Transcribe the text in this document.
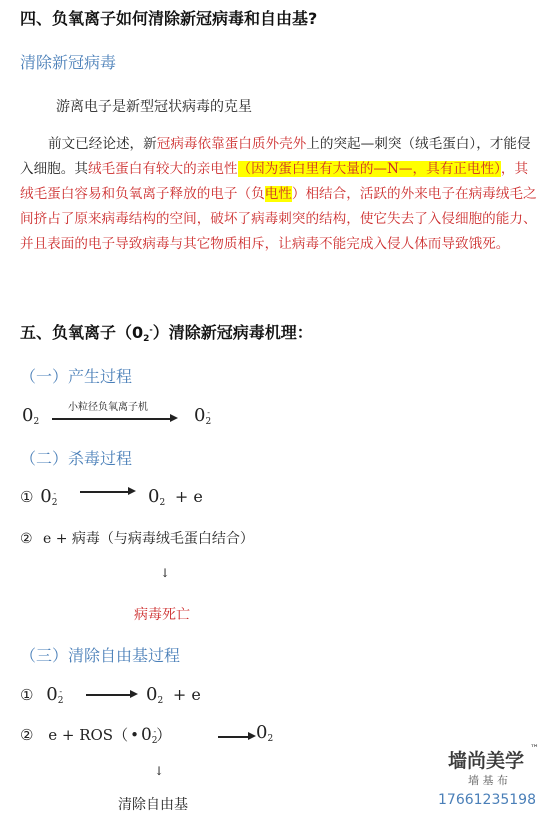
四、负氧离子如何清除新冠病毒和自由基?
清除新冠病毒
游离电子是新型冠状病毒的克星
前文已经论述，新冠病毒依靠蛋白质外壳外上的突起—刺突（绒毛蛋白），才能侵入细胞。其绒毛蛋白有较大的亲电性（因为蛋白里有大量的—N—，具有正电性），其绒毛蛋白容易和负氧离子释放的电子（负电性）相结合，活跃的外来电子在病毒绒毛之间挤占了原来病毒结构的空间，破坏了病毒刺突的结构，使它失去了入侵细胞的能力、并且表面的电子导致病毒与其它物质相斥，让病毒不能完成入侵人体而导致饿死。
五、负氧离子$(0_2^-)$清除新冠病毒机理：
（一）产生过程
$0_2$
小粒径负氧离子机	$0_2^-$
（二）杀毒过程
① $0_2^-$	$0_2 + e$
② e + 病毒（与病毒绒毛蛋白结合）
↓
病毒死亡
（三）清除自由基过程
① $0_2^-$	$0_2 + e$
② e + ROS（ • $0_2^-$）	$0_2$
↓
清除自由基
墙尚美学
™
墙 基 布
17661235198
